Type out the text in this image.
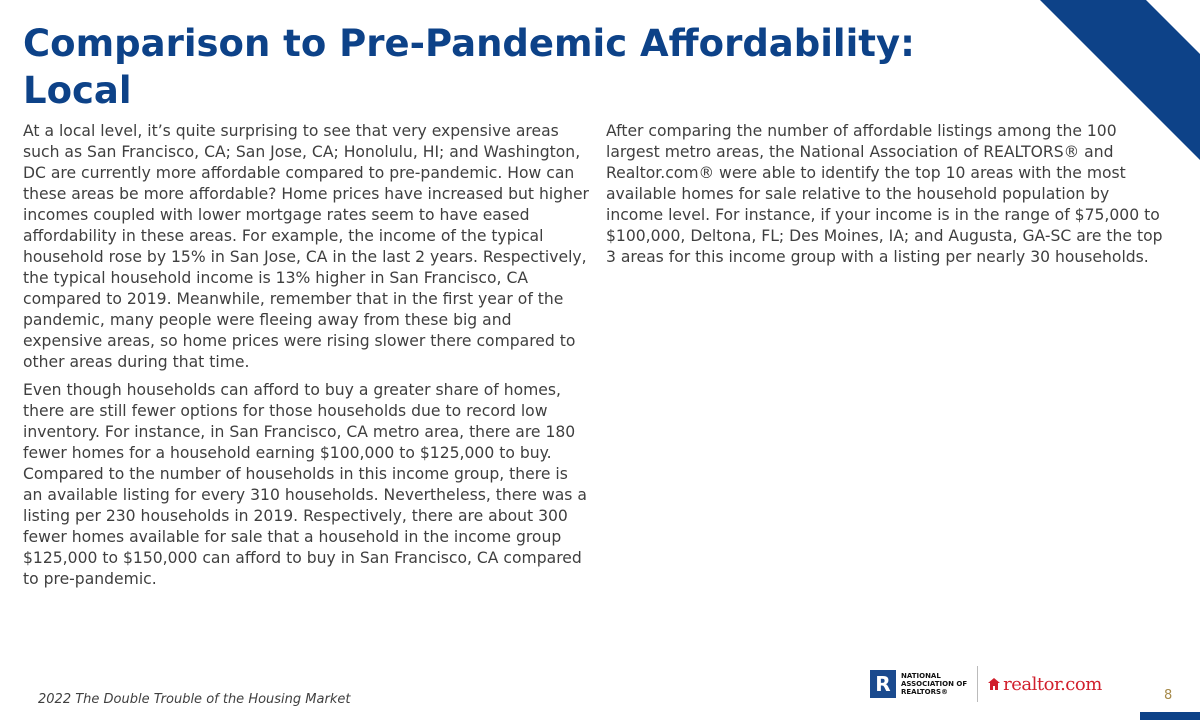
Comparison to Pre-Pandemic Affordability: Local

At a local level, it’s quite surprising to see that very expensive areas such as San Francisco, CA; San Jose, CA; Honolulu, HI; and Washington, DC are currently more affordable compared to pre-pandemic. How can these areas be more affordable? Home prices have increased but higher incomes coupled with lower mortgage rates seem to have eased affordability in these areas. For example, the income of the typical household rose by 15% in San Jose, CA in the last 2 years. Respectively, the typical household income is 13% higher in San Francisco, CA compared to 2019. Meanwhile, remember that in the first year of the pandemic, many people were fleeing away from these big and expensive areas, so home prices were rising slower there compared to other areas during that time.

Even though households can afford to buy a greater share of homes, there are still fewer options for those households due to record low inventory. For instance, in San Francisco, CA metro area, there are 180 fewer homes for a household earning $100,000 to $125,000 to buy. Compared to the number of households in this income group, there is an available listing for every 310 households. Nevertheless, there was a listing per 230 households in 2019. Respectively, there are about 300 fewer homes available for sale that a household in the income group $125,000 to $150,000 can afford to buy in San Francisco, CA compared to pre-pandemic.

After comparing the number of affordable listings among the 100 largest metro areas, the National Association of REALTORS® and Realtor.com® were able to identify the top 10 areas with the most available homes for sale relative to the household population by income level. For instance, if your income is in the range of $75,000 to $100,000, Deltona, FL; Des Moines, IA; and Augusta, GA-SC are the top 3 areas for this income group with a listing per nearly 30 households.

2022 The Double Trouble of the Housing Market
R NATIONAL
ASSOCIATION OF
REALTORS®	realtor.com
8
